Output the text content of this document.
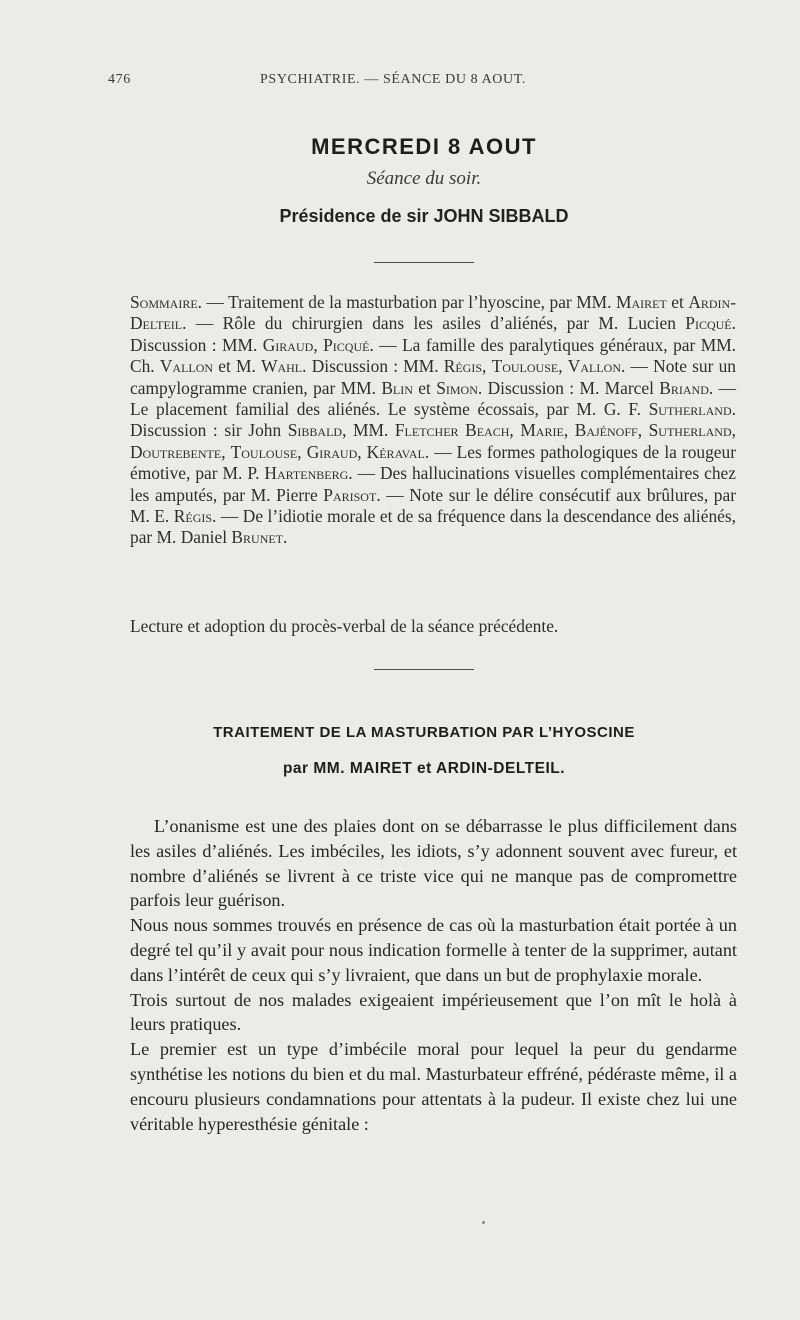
476	PSYCHIATRIE. — SÉANCE DU 8 AOUT.
MERCREDI 8 AOUT
Séance du soir.
Présidence de sir JOHN SIBBALD
Sommaire. — Traitement de la masturbation par l’hyoscine, par MM. Mairet et Ardin-Delteil. — Rôle du chirurgien dans les asiles d’aliénés, par M. Lucien Picqué. Discussion : MM. Giraud, Picqué. — La famille des paralytiques généraux, par MM. Ch. Vallon et M. Wahl. Discussion : MM. Régis, Toulouse, Vallon. — Note sur un campylogramme cranien, par MM. Blin et Simon. Discussion : M. Marcel Briand. — Le placement familial des aliénés. Le système écossais, par M. G. F. Sutherland. Discussion : sir John Sibbald, MM. Fletcher Beach, Marie, Bajénoff, Sutherland, Doutrebente, Toulouse, Giraud, Kéraval. — Les formes pathologiques de la rougeur émotive, par M. P. Hartenberg. — Des hallucinations visuelles complémentaires chez les amputés, par M. Pierre Parisot. — Note sur le délire consécutif aux brûlures, par M. E. Régis. — De l’idiotie morale et de sa fréquence dans la descendance des aliénés, par M. Daniel Brunet.
Lecture et adoption du procès-verbal de la séance précédente.
TRAITEMENT DE LA MASTURBATION PAR L’HYOSCINE
par MM. MAIRET et ARDIN-DELTEIL.

L’onanisme est une des plaies dont on se débarrasse le plus difficilement dans les asiles d’aliénés. Les imbéciles, les idiots, s’y adonnent souvent avec fureur, et nombre d’aliénés se livrent à ce triste vice qui ne manque pas de compromettre parfois leur guérison.

Nous nous sommes trouvés en présence de cas où la masturbation était portée à un degré tel qu’il y avait pour nous indication formelle à tenter de la supprimer, autant dans l’intérêt de ceux qui s’y livraient, que dans un but de prophylaxie morale.

Trois surtout de nos malades exigeaient impérieusement que l’on mît le holà à leurs pratiques.

Le premier est un type d’imbécile moral pour lequel la peur du gendarme synthétise les notions du bien et du mal. Masturbateur effréné, pédéraste même, il a encouru plusieurs condamnations pour attentats à la pudeur. Il existe chez lui une véritable hyperesthésie génitale :
